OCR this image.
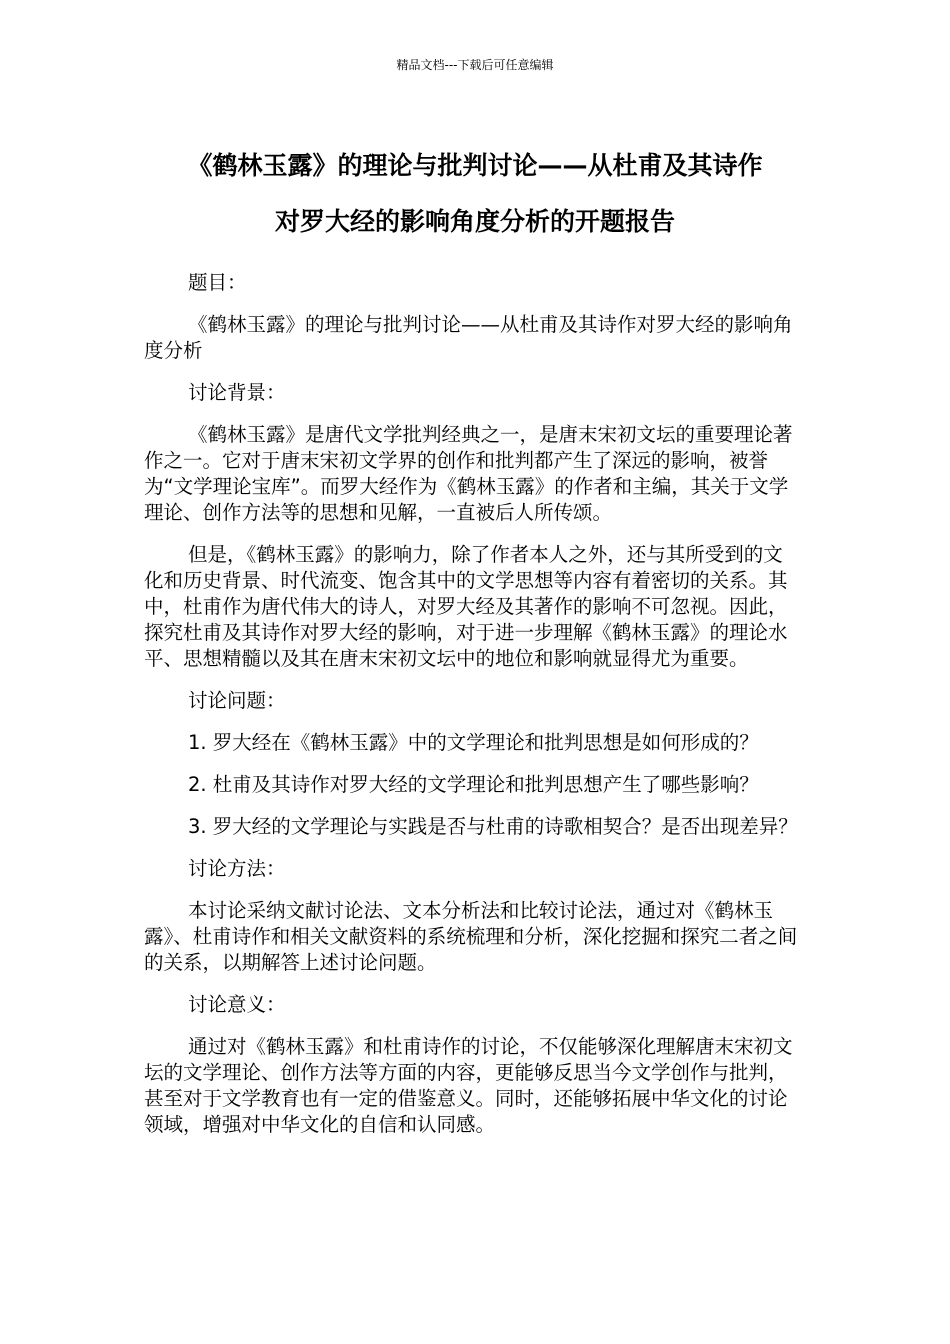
精品文档---下载后可任意编辑
《鹤林玉露》的理论与批判讨论——从杜甫及其诗作
对罗大经的影响角度分析的开题报告

题目：

《鹤林玉露》的理论与批判讨论——从杜甫及其诗作对罗大经的影响角度分析

讨论背景：

《鹤林玉露》是唐代文学批判经典之一，是唐末宋初文坛的重要理论著作之一。它对于唐末宋初文学界的创作和批判都产生了深远的影响，被誉为“文学理论宝库”。而罗大经作为《鹤林玉露》的作者和主编，其关于文学理论、创作方法等的思想和见解，一直被后人所传颂。

但是，《鹤林玉露》的影响力，除了作者本人之外，还与其所受到的文化和历史背景、时代流变、饱含其中的文学思想等内容有着密切的关系。其中，杜甫作为唐代伟大的诗人，对罗大经及其著作的影响不可忽视。因此，探究杜甫及其诗作对罗大经的影响，对于进一步理解《鹤林玉露》的理论水平、思想精髓以及其在唐末宋初文坛中的地位和影响就显得尤为重要。

讨论问题：

1. 罗大经在《鹤林玉露》中的文学理论和批判思想是如何形成的？

2. 杜甫及其诗作对罗大经的文学理论和批判思想产生了哪些影响？

3. 罗大经的文学理论与实践是否与杜甫的诗歌相契合？是否出现差异？

讨论方法：

本讨论采纳文献讨论法、文本分析法和比较讨论法，通过对《鹤林玉露》、杜甫诗作和相关文献资料的系统梳理和分析，深化挖掘和探究二者之间的关系，以期解答上述讨论问题。

讨论意义：

通过对《鹤林玉露》和杜甫诗作的讨论，不仅能够深化理解唐末宋初文坛的文学理论、创作方法等方面的内容，更能够反思当今文学创作与批判，甚至对于文学教育也有一定的借鉴意义。同时，还能够拓展中华文化的讨论领域，增强对中华文化的自信和认同感。
